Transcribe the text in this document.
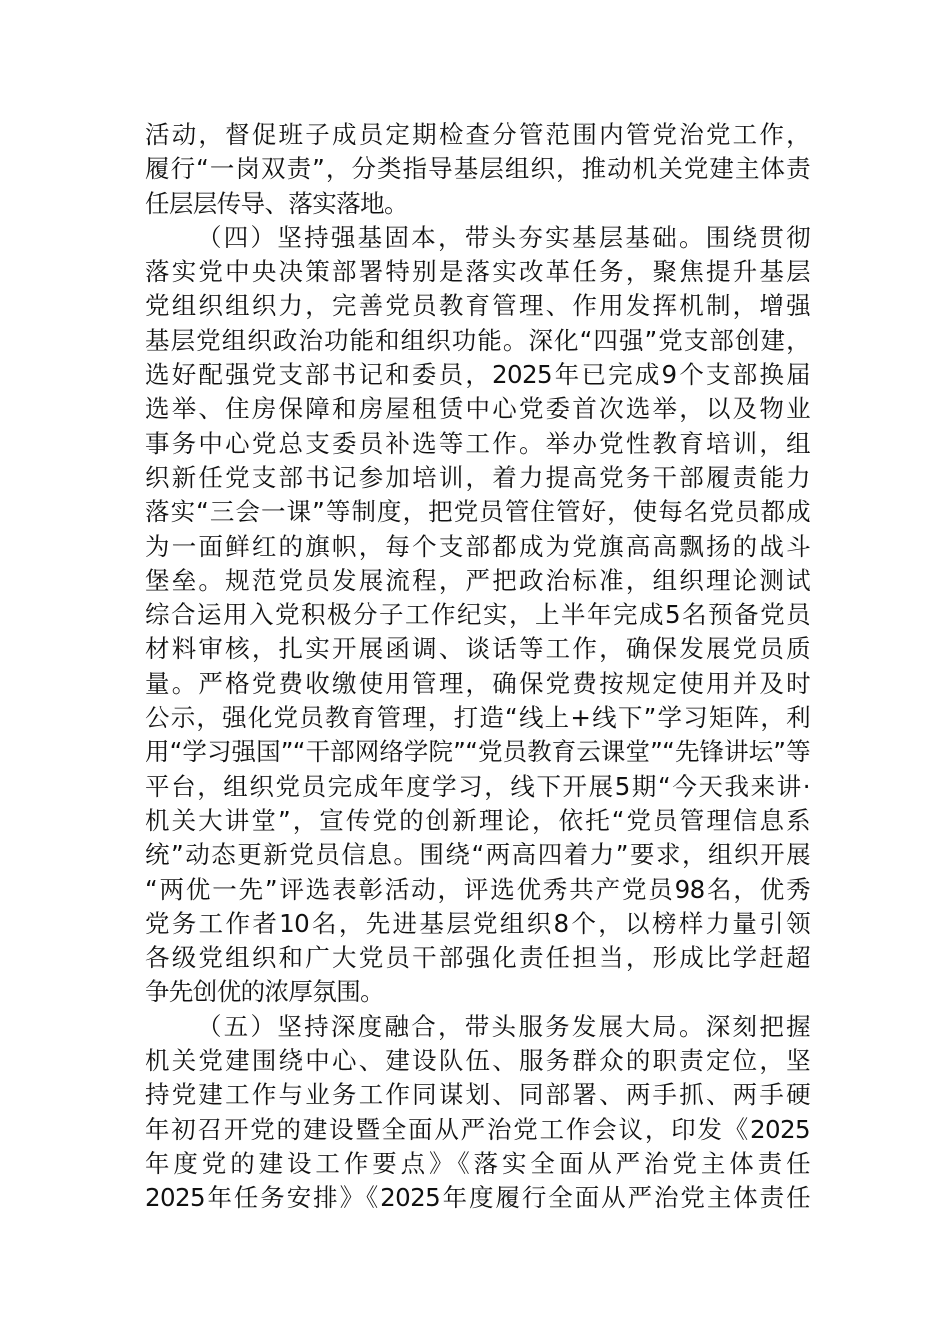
活动，督促班子成员定期检查分管范围内管党治党工作，
履行“一岗双责”，分类指导基层组织，推动机关党建主体责
任层层传导、落实落地。
（四）坚持强基固本，带头夯实基层基础。围绕贯彻
落实党中央决策部署特别是落实改革任务，聚焦提升基层
党组织组织力，完善党员教育管理、作用发挥机制，增强
基层党组织政治功能和组织功能。深化“四强”党支部创建，
选好配强党支部书记和委员，2025年已完成9个支部换届
选举、住房保障和房屋租赁中心党委首次选举，以及物业
事务中心党总支委员补选等工作。举办党性教育培训，组
织新任党支部书记参加培训，着力提高党务干部履责能力
落实“三会一课”等制度，把党员管住管好，使每名党员都成
为一面鲜红的旗帜，每个支部都成为党旗高高飘扬的战斗
堡垒。规范党员发展流程，严把政治标准，组织理论测试
综合运用入党积极分子工作纪实，上半年完成5名预备党员
材料审核，扎实开展函调、谈话等工作，确保发展党员质
量。严格党费收缴使用管理，确保党费按规定使用并及时
公示，强化党员教育管理，打造“线上+线下”学习矩阵，利
用“学习强国”“干部网络学院”“党员教育云课堂”“先锋讲坛”等
平台，组织党员完成年度学习，线下开展5期“今天我来讲·
机关大讲堂”，宣传党的创新理论，依托“党员管理信息系
统”动态更新党员信息。围绕“两高四着力”要求，组织开展
“两优一先”评选表彰活动，评选优秀共产党员98名，优秀
党务工作者10名，先进基层党组织8个，以榜样力量引领
各级党组织和广大党员干部强化责任担当，形成比学赶超
争先创优的浓厚氛围。
（五）坚持深度融合，带头服务发展大局。深刻把握
机关党建围绕中心、建设队伍、服务群众的职责定位，坚
持党建工作与业务工作同谋划、同部署、两手抓、两手硬
年初召开党的建设暨全面从严治党工作会议，印发《2025
年度党的建设工作要点》《落实全面从严治党主体责任
2025年任务安排》《2025年度履行全面从严治党主体责任
